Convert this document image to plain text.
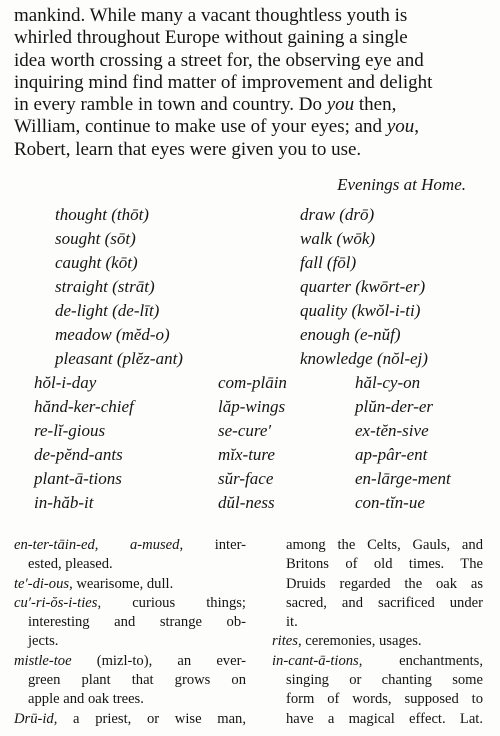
mankind. While many a vacant thoughtless youth is
whirled throughout Europe without gaining a single
idea worth crossing a street for, the observing eye and
inquiring mind find matter of improvement and delight
in every ramble in town and country. Do you then,
William, continue to make use of your eyes; and you,
Robert, learn that eyes were given you to use.
Evenings at Home.
thought (thōt)
sought (sōt)
caught (kōt)
straight (strāt)
de-light (de-līt)
meadow (mĕd-o)
pleasant (plĕz-ant)
draw (drō)
walk (wōk)
fall (fōl)
quarter (kwōrt-er)
quality (kwŏl-i-ti)
enough (e-nŭf)
knowledge (nŏl-ej)
hŏl-i-day
hănd-ker-chief
re-lĭ-gious
de-pĕnd-ants
plant-ā-tions
in-hăb-it
com-plāin
lăp-wings
se-cure′
mĭx-ture
sŭr-face
dŭl-ness
hăl-cy-on
plŭn-der-er
ex-tĕn-sive
ap-pâr-ent
en-lārge-ment
con-tĭn-ue
en-ter-tāin-ed, a-mused, inter-
ested, pleased.
te′-di-ous, wearisome, dull.
cu′-ri-ŏs-i-ties, curious things;
interesting and strange ob-
jects.
mistle-toe (mizl-to), an ever-
green plant that grows on
apple and oak trees.
Drū-id, a priest, or wise man,
among the Celts, Gauls, and
Britons of old times. The
Druids regarded the oak as
sacred, and sacrificed under
it.
rites, ceremonies, usages.
in-cant-ā-tions, enchantments,
singing or chanting some
form of words, supposed to
have a magical effect. Lat.
